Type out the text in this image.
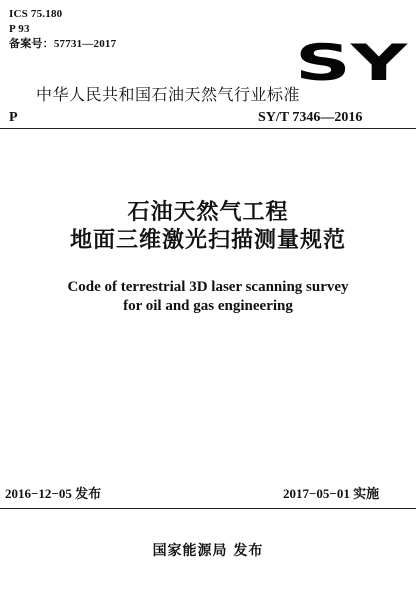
ICS 75.180
P 93
备案号：57731—2017	SY
中华人民共和国石油天然气行业标准
P	SY/T 7346—2016
石油天然气工程
地面三维激光扫描测量规范
Code of terrestrial 3D laser scanning survey
for oil and gas engineering
2016−12−05 发布	2017−05−01 实施
国家能源局 发布
